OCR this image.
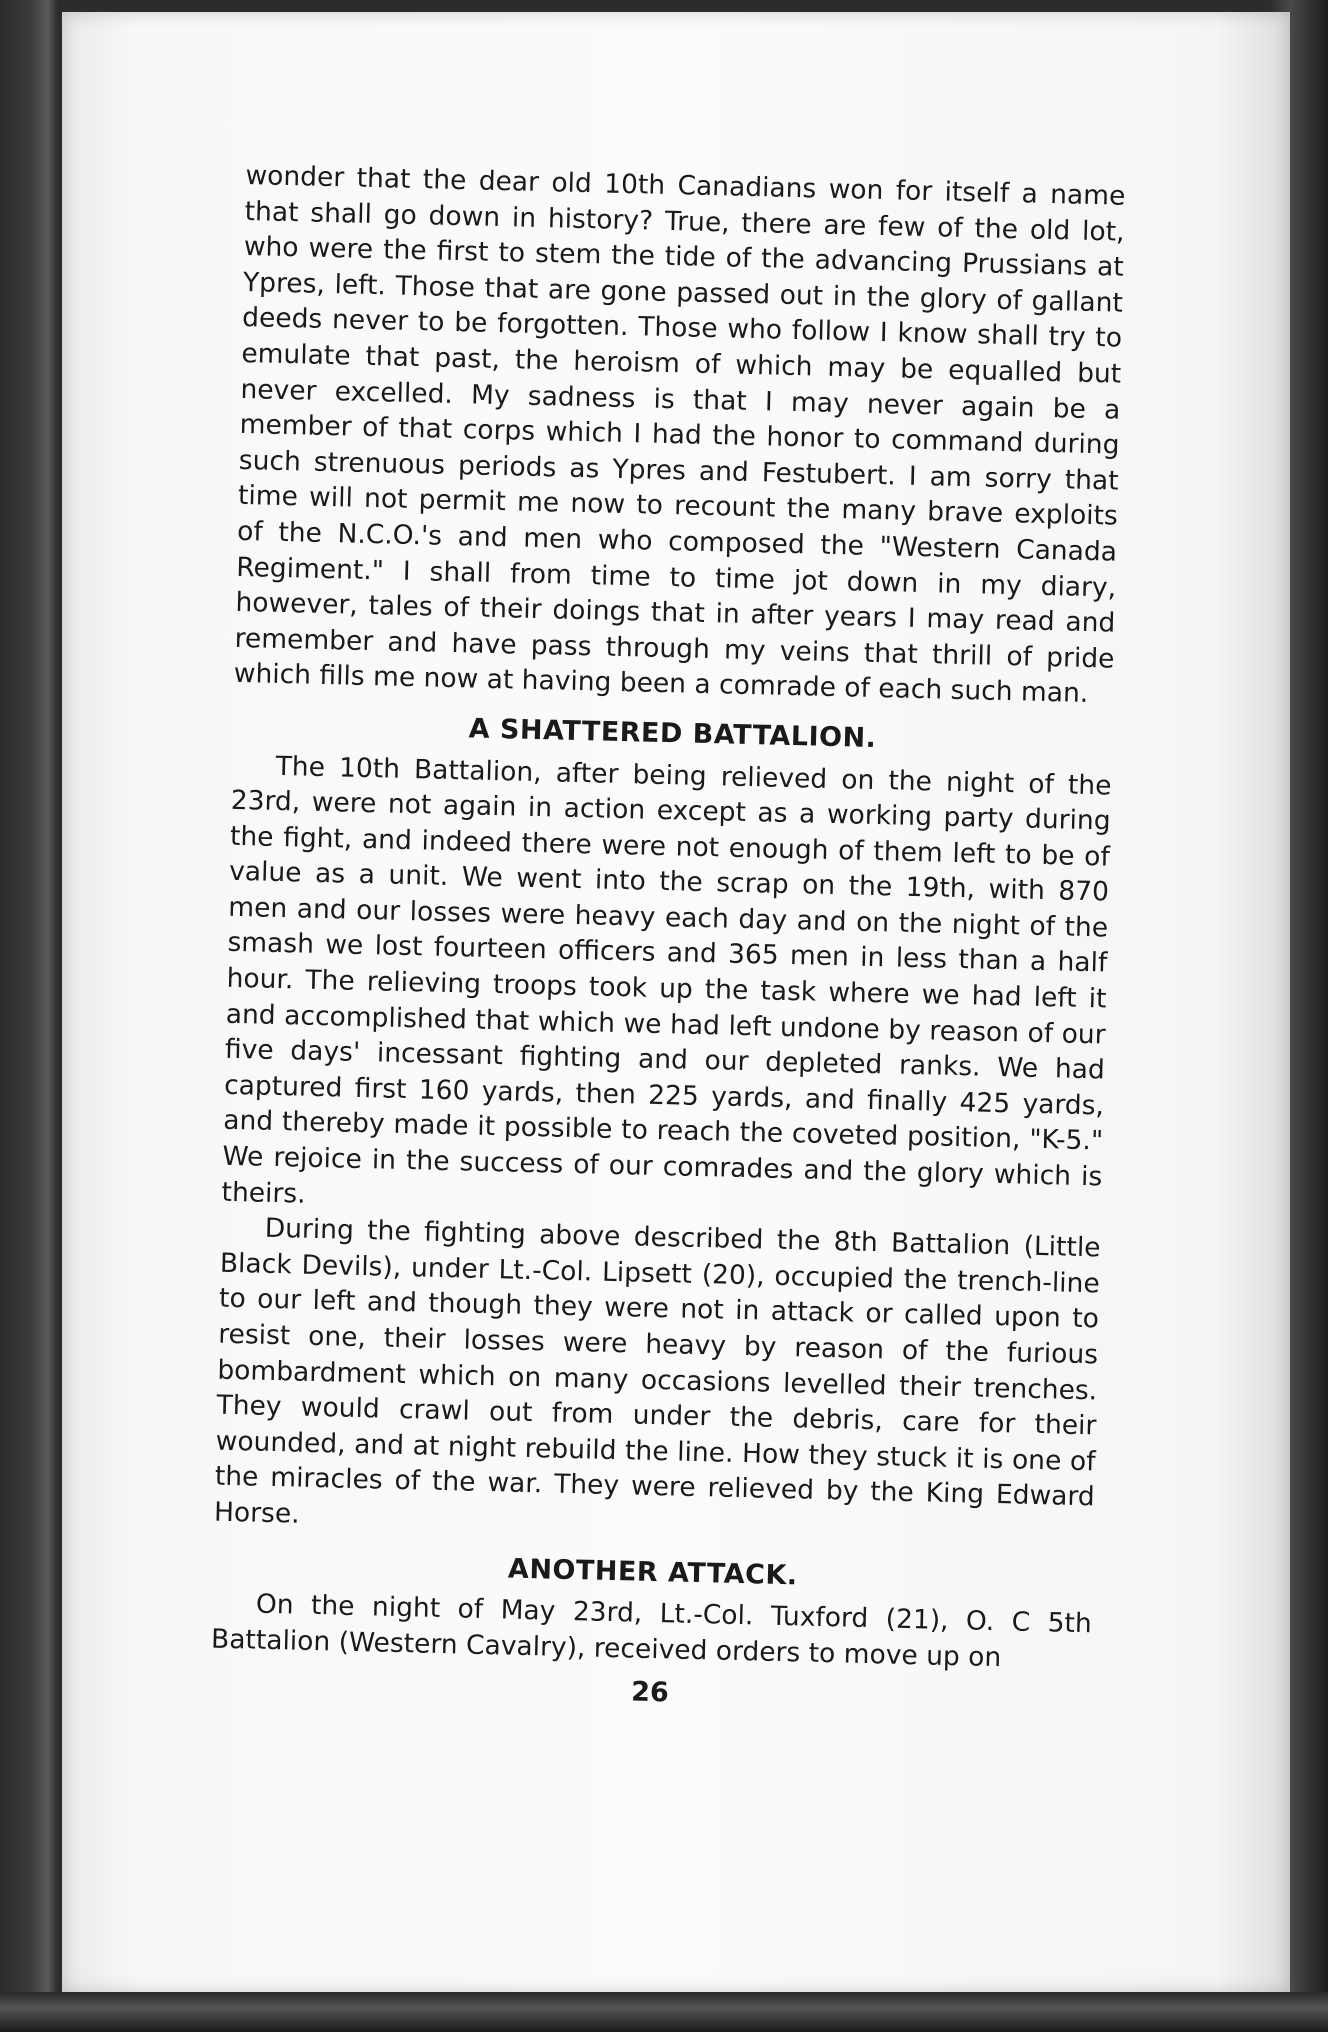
wonder that the dear old 10th Canadians won for itself a name that shall go down in history? True, there are few of the old lot, who were the first to stem the tide of the advancing Prussians at Ypres, left. Those that are gone passed out in the glory of gallant deeds never to be forgotten. Those who follow I know shall try to emulate that past, the heroism of which may be equalled but never excelled. My sadness is that I may never again be a member of that corps which I had the honor to command during such strenuous periods as Ypres and Festubert. I am sorry that time will not permit me now to recount the many brave exploits of the N.C.O.'s and men who composed the "Western Canada Regiment." I shall from time to time jot down in my diary, however, tales of their doings that in after years I may read and remember and have pass through my veins that thrill of pride which fills me now at having been a comrade of each such man.

A SHATTERED BATTALION.

The 10th Battalion, after being relieved on the night of the 23rd, were not again in action except as a working party during the fight, and indeed there were not enough of them left to be of value as a unit. We went into the scrap on the 19th, with 870 men and our losses were heavy each day and on the night of the smash we lost fourteen officers and 365 men in less than a half hour. The relieving troops took up the task where we had left it and accomplished that which we had left undone by reason of our five days' incessant fighting and our depleted ranks. We had captured first 160 yards, then 225 yards, and finally 425 yards, and thereby made it possible to reach the coveted position, "K-5." We rejoice in the success of our comrades and the glory which is theirs.

During the fighting above described the 8th Battalion (Little Black Devils), under Lt.-Col. Lipsett (20), occupied the trench-line to our left and though they were not in attack or called upon to resist one, their losses were heavy by reason of the furious bombardment which on many occasions levelled their trenches. They would crawl out from under the debris, care for their wounded, and at night rebuild the line. How they stuck it is one of the miracles of the war. They were relieved by the King Edward Horse.

ANOTHER ATTACK.

On the night of May 23rd, Lt.-Col. Tuxford (21), O. C 5th Battalion (Western Cavalry), received orders to move up on

26
